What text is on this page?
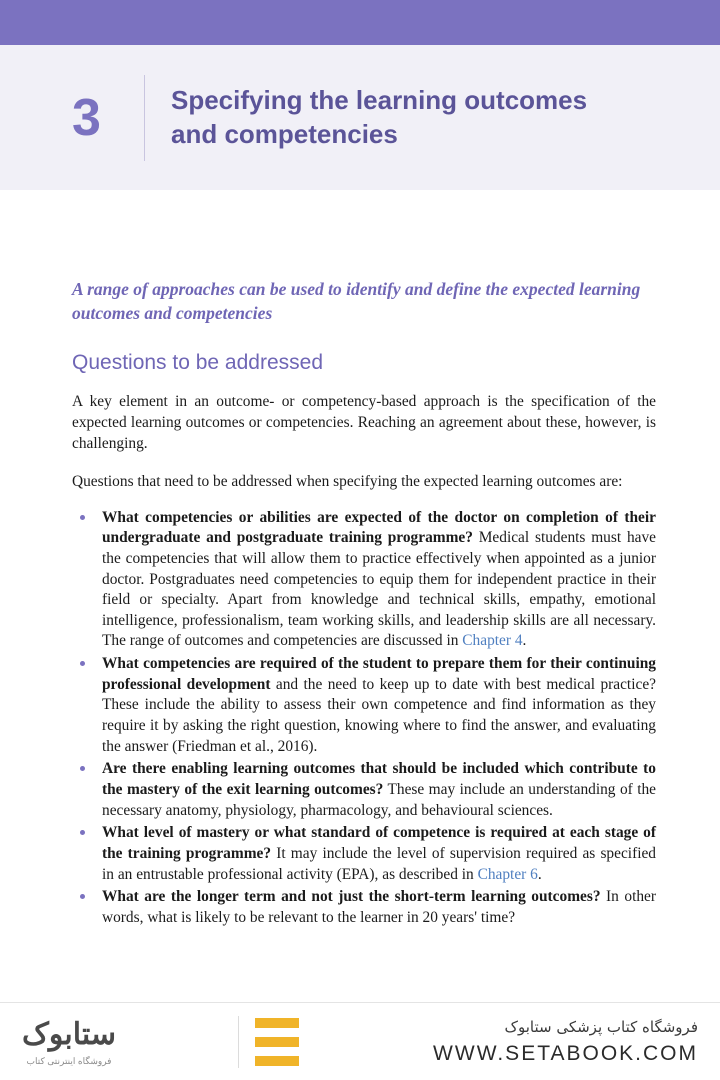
3	Specifying the learning outcomes and competencies
A range of approaches can be used to identify and define the expected learning outcomes and competencies
Questions to be addressed

A key element in an outcome- or competency-based approach is the specification of the expected learning outcomes or competencies. Reaching an agreement about these, however, is challenging.

Questions that need to be addressed when specifying the expected learning outcomes are:

What competencies or abilities are expected of the doctor on completion of their undergraduate and postgraduate training programme? Medical students must have the competencies that will allow them to practice effectively when appointed as a junior doctor. Postgraduates need competencies to equip them for independent practice in their field or specialty. Apart from knowledge and technical skills, empathy, emotional intelligence, professionalism, team working skills, and leadership skills are all necessary. The range of outcomes and competencies are discussed in Chapter 4.
What competencies are required of the student to prepare them for their continuing professional development and the need to keep up to date with best medical practice? These include the ability to assess their own competence and find information as they require it by asking the right question, knowing where to find the answer, and evaluating the answer (Friedman et al., 2016).
Are there enabling learning outcomes that should be included which contribute to the mastery of the exit learning outcomes? These may include an understanding of the necessary anatomy, physiology, pharmacology, and behavioural sciences.
What level of mastery or what standard of competence is required at each stage of the training programme? It may include the level of supervision required as specified in an entrustable professional activity (EPA), as described in Chapter 6.
What are the longer term and not just the short-term learning outcomes? In other words, what is likely to be relevant to the learner in 20 years' time?
ستابوک
فروشگاه اینترنتی کتاب
فروشگاه کتاب پزشکی ستابوک
WWW.SETABOOK.COM
